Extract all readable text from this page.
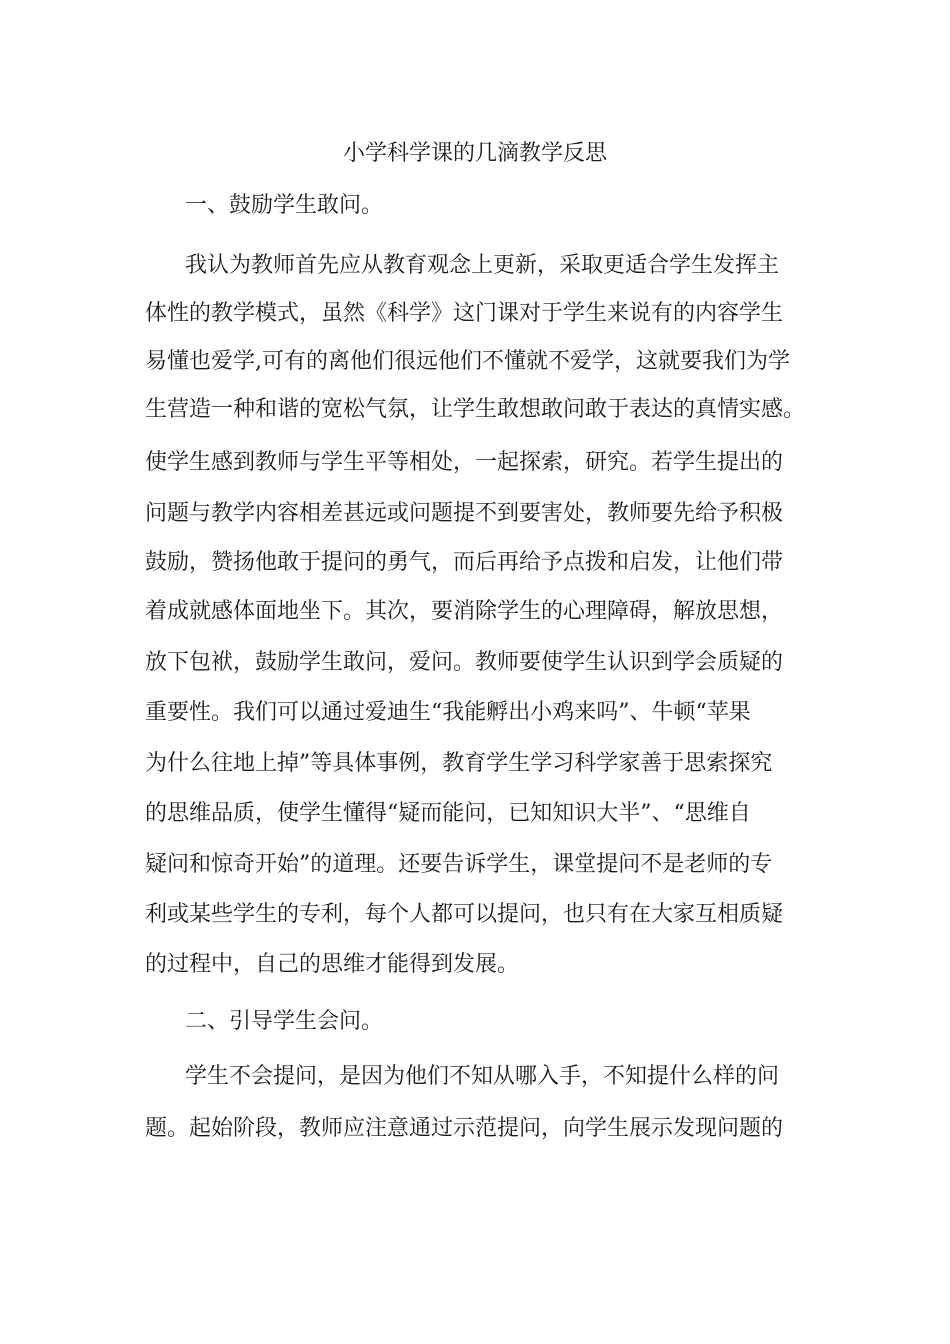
小学科学课的几滴教学反思
一、鼓励学生敢问。
我认为教师首先应从教育观念上更新，采取更适合学生发挥主
体性的教学模式，虽然《科学》这门课对于学生来说有的内容学生
易懂也爱学,可有的离他们很远他们不懂就不爱学，这就要我们为学
生营造一种和谐的宽松气氛，让学生敢想敢问敢于表达的真情实感。
使学生感到教师与学生平等相处，一起探索，研究。若学生提出的
问题与教学内容相差甚远或问题提不到要害处，教师要先给予积极
鼓励，赞扬他敢于提问的勇气，而后再给予点拨和启发，让他们带
着成就感体面地坐下。其次，要消除学生的心理障碍，解放思想，
放下包袱，鼓励学生敢问，爱问。教师要使学生认识到学会质疑的
重要性。我们可以通过爱迪生“我能孵出小鸡来吗”、牛顿“苹果
为什么往地上掉”等具体事例，教育学生学习科学家善于思索探究
的思维品质，使学生懂得“疑而能问，已知知识大半”、“思维自
疑问和惊奇开始”的道理。还要告诉学生，课堂提问不是老师的专
利或某些学生的专利，每个人都可以提问，也只有在大家互相质疑
的过程中，自己的思维才能得到发展。
二、引导学生会问。
学生不会提问，是因为他们不知从哪入手，不知提什么样的问
题。起始阶段，教师应注意通过示范提问，向学生展示发现问题的
